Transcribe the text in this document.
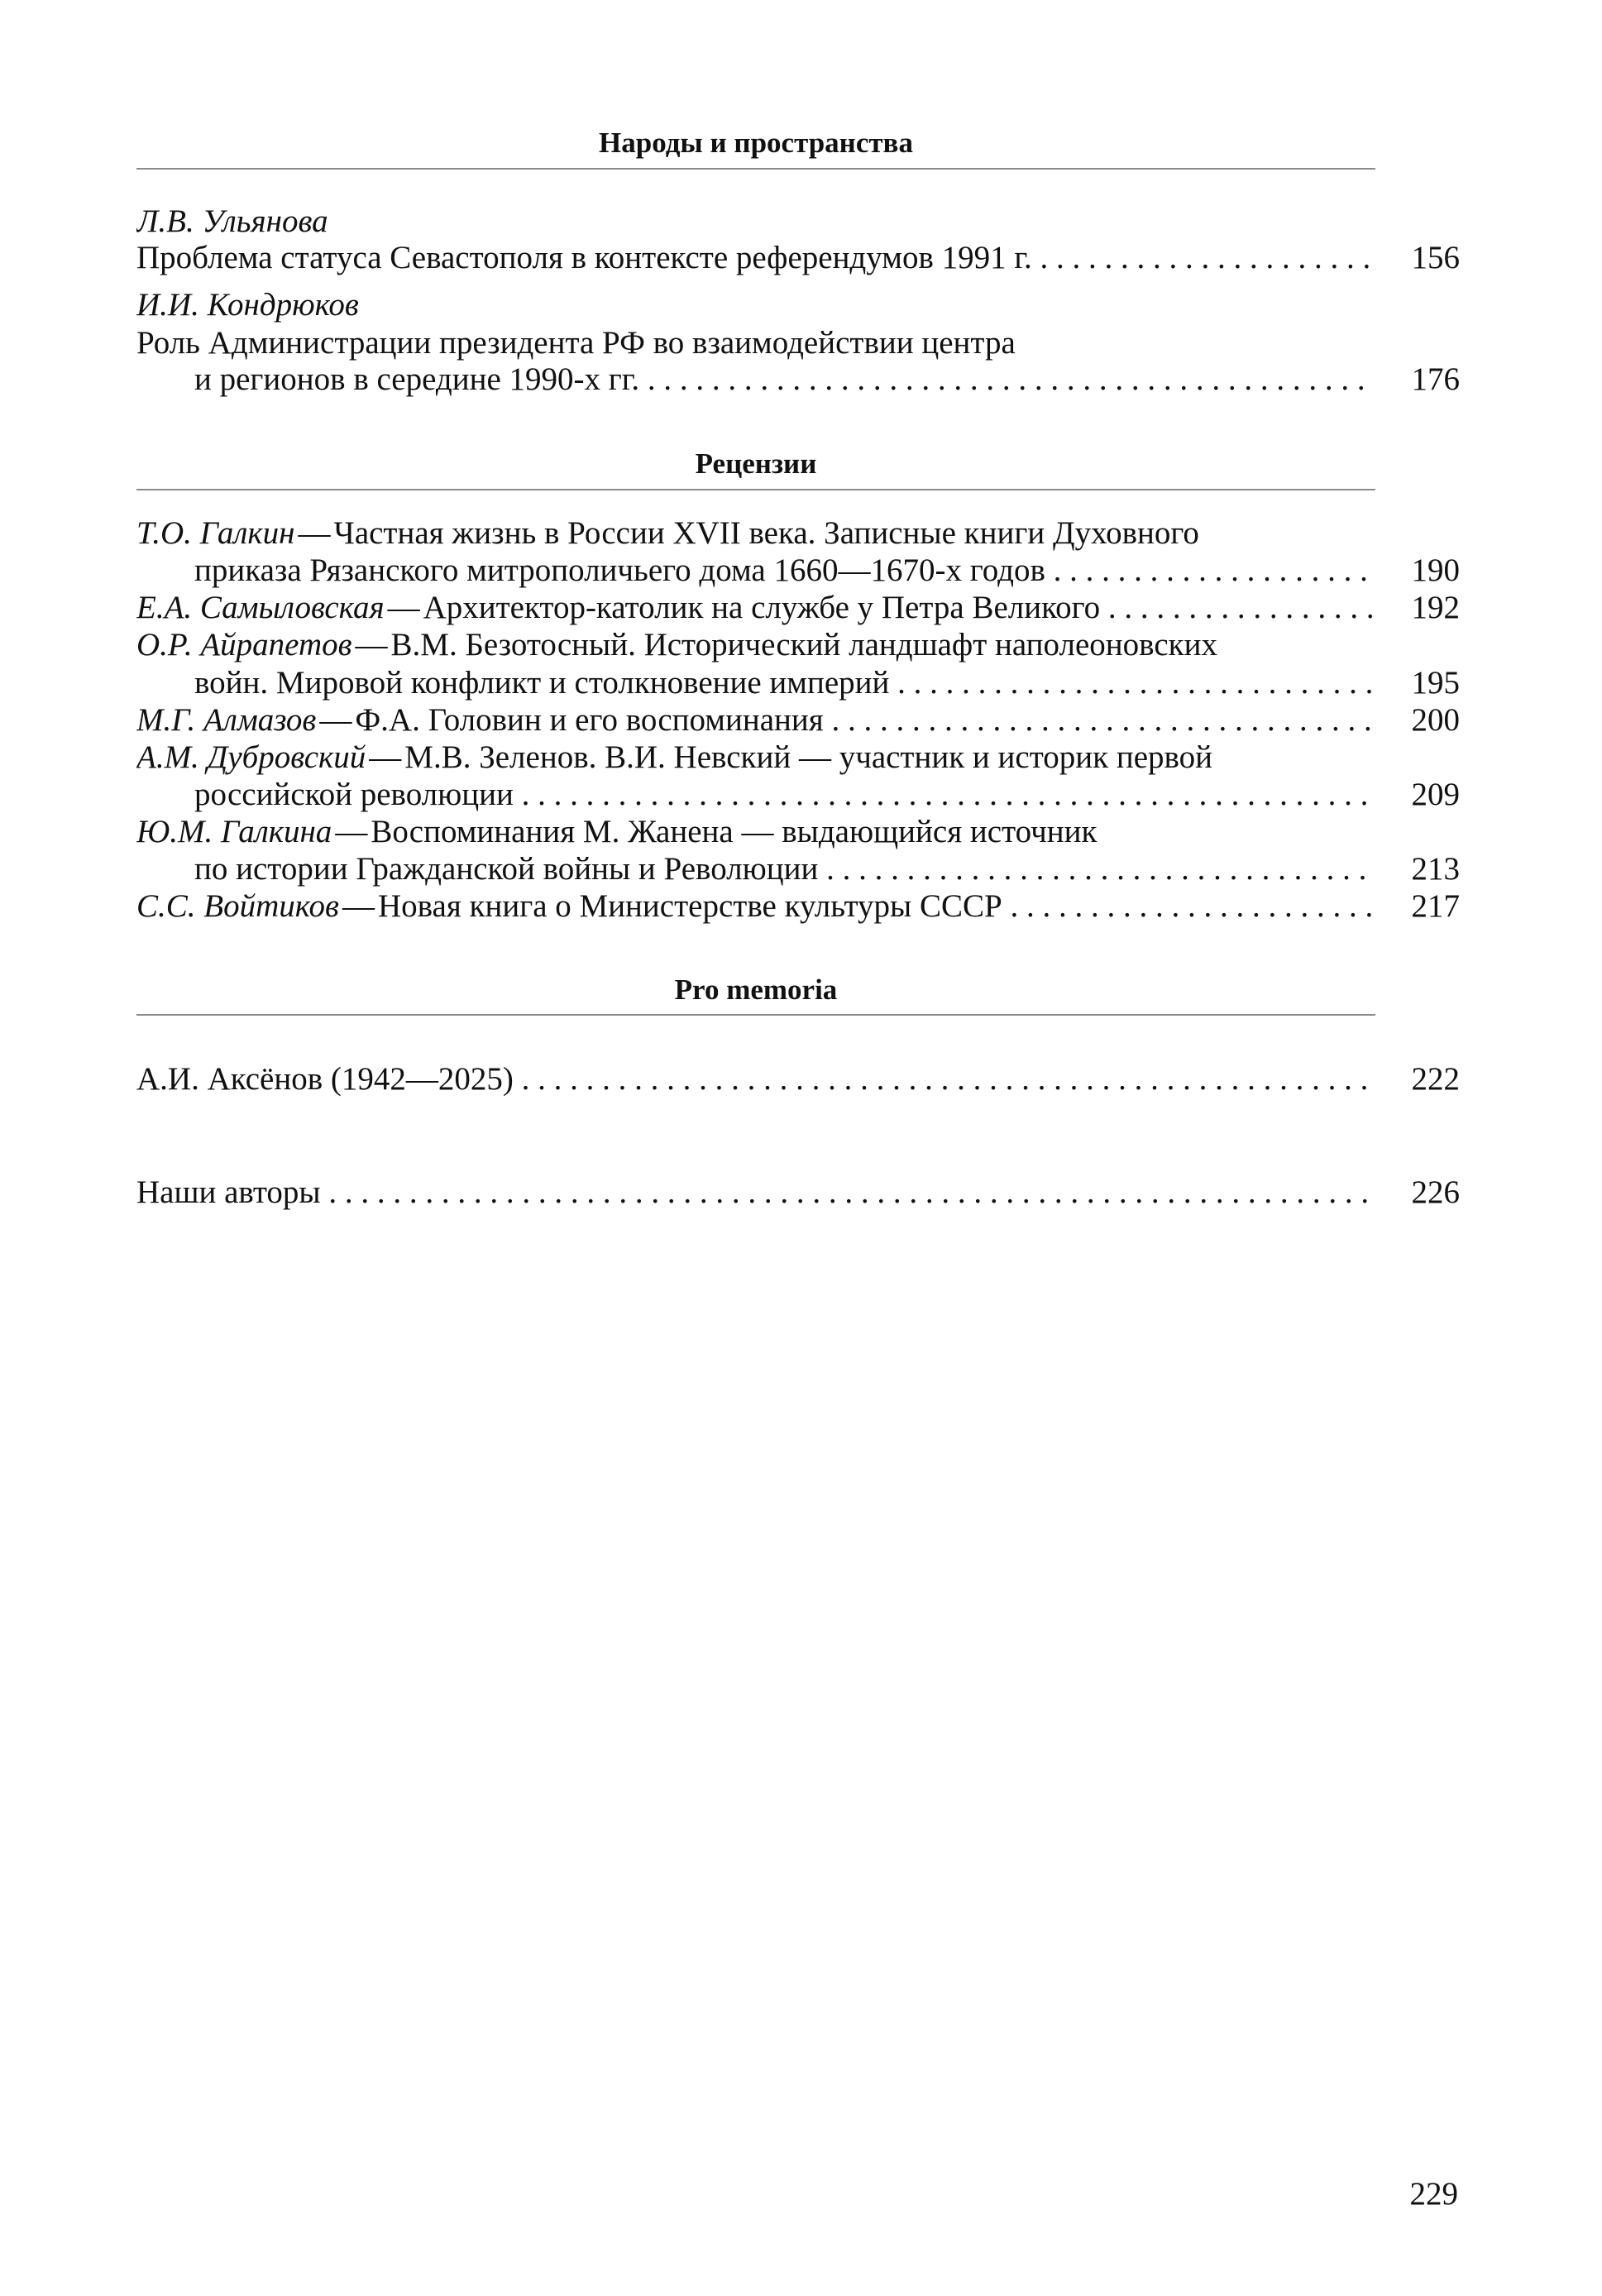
Народы и пространства
Л.В. Ульянова
Проблема статуса Севастополя в контексте референдумов 1991 г. . . .	156
И.И. Кондрюков
Роль Администрации президента РФ во взаимодействии центра
и регионов в середине 1990-х гг. . . .	176
Рецензии
Т.О. Галкин — Частная жизнь в России XVII века. Записные книги Духовного
приказа Рязанского митрополичьего дома 1660—1670-х годов . . .	190
Е.А. Самыловская — Архитектор-католик на службе у Петра Великого . . .	192
О.Р. Айрапетов — В.М. Безотосный. Исторический ландшафт наполеоновских
войн. Мировой конфликт и столкновение империй . . .	195
М.Г. Алмазов — Ф.А. Головин и его воспоминания . . .	200
А.М. Дубровский — М.В. Зеленов. В.И. Невский — участник и историк первой
российской революции . . .	209
Ю.М. Галкина — Воспоминания М. Жанена — выдающийся источник
по истории Гражданской войны и Революции . . .	213
С.С. Войтиков — Новая книга о Министерстве культуры СССР . . .	217
Pro memoria
А.И. Аксёнов (1942—2025) . . .	222
Наши авторы . . .	226
229
